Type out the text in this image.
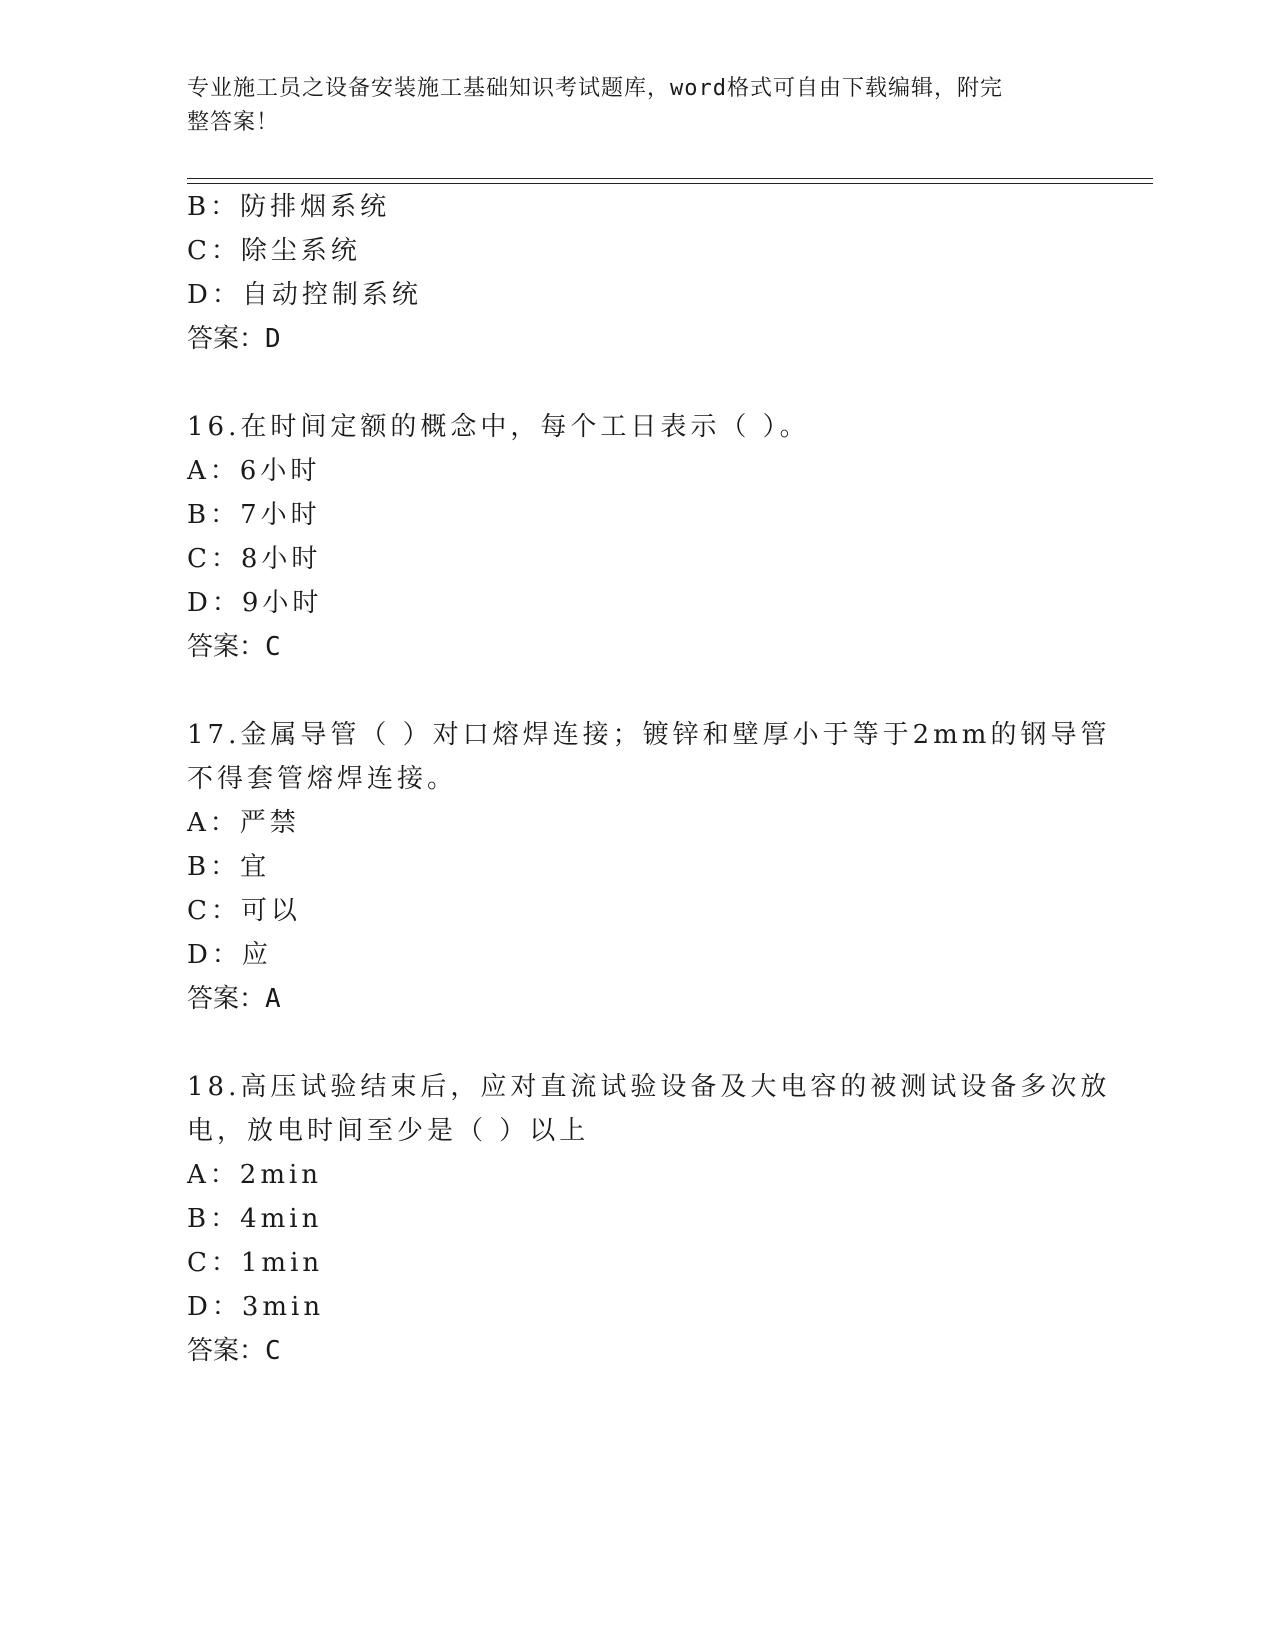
专业施工员之设备安装施工基础知识考试题库，word格式可自由下载编辑，附完
整答案！
B：防排烟系统
C：除尘系统
D：自动控制系统
答案：D
16.在时间定额的概念中，每个工日表示（ ）。
A：6小时
B：7小时
C：8小时
D：9小时
答案：C
17.金属导管（ ）对口熔焊连接；镀锌和壁厚小于等于2mm的钢导管
不得套管熔焊连接。
A：严禁
B：宜
C：可以
D：应
答案：A
18.高压试验结束后，应对直流试验设备及大电容的被测试设备多次放
电，放电时间至少是（ ）以上
A：2min
B：4min
C：1min
D：3min
答案：C
